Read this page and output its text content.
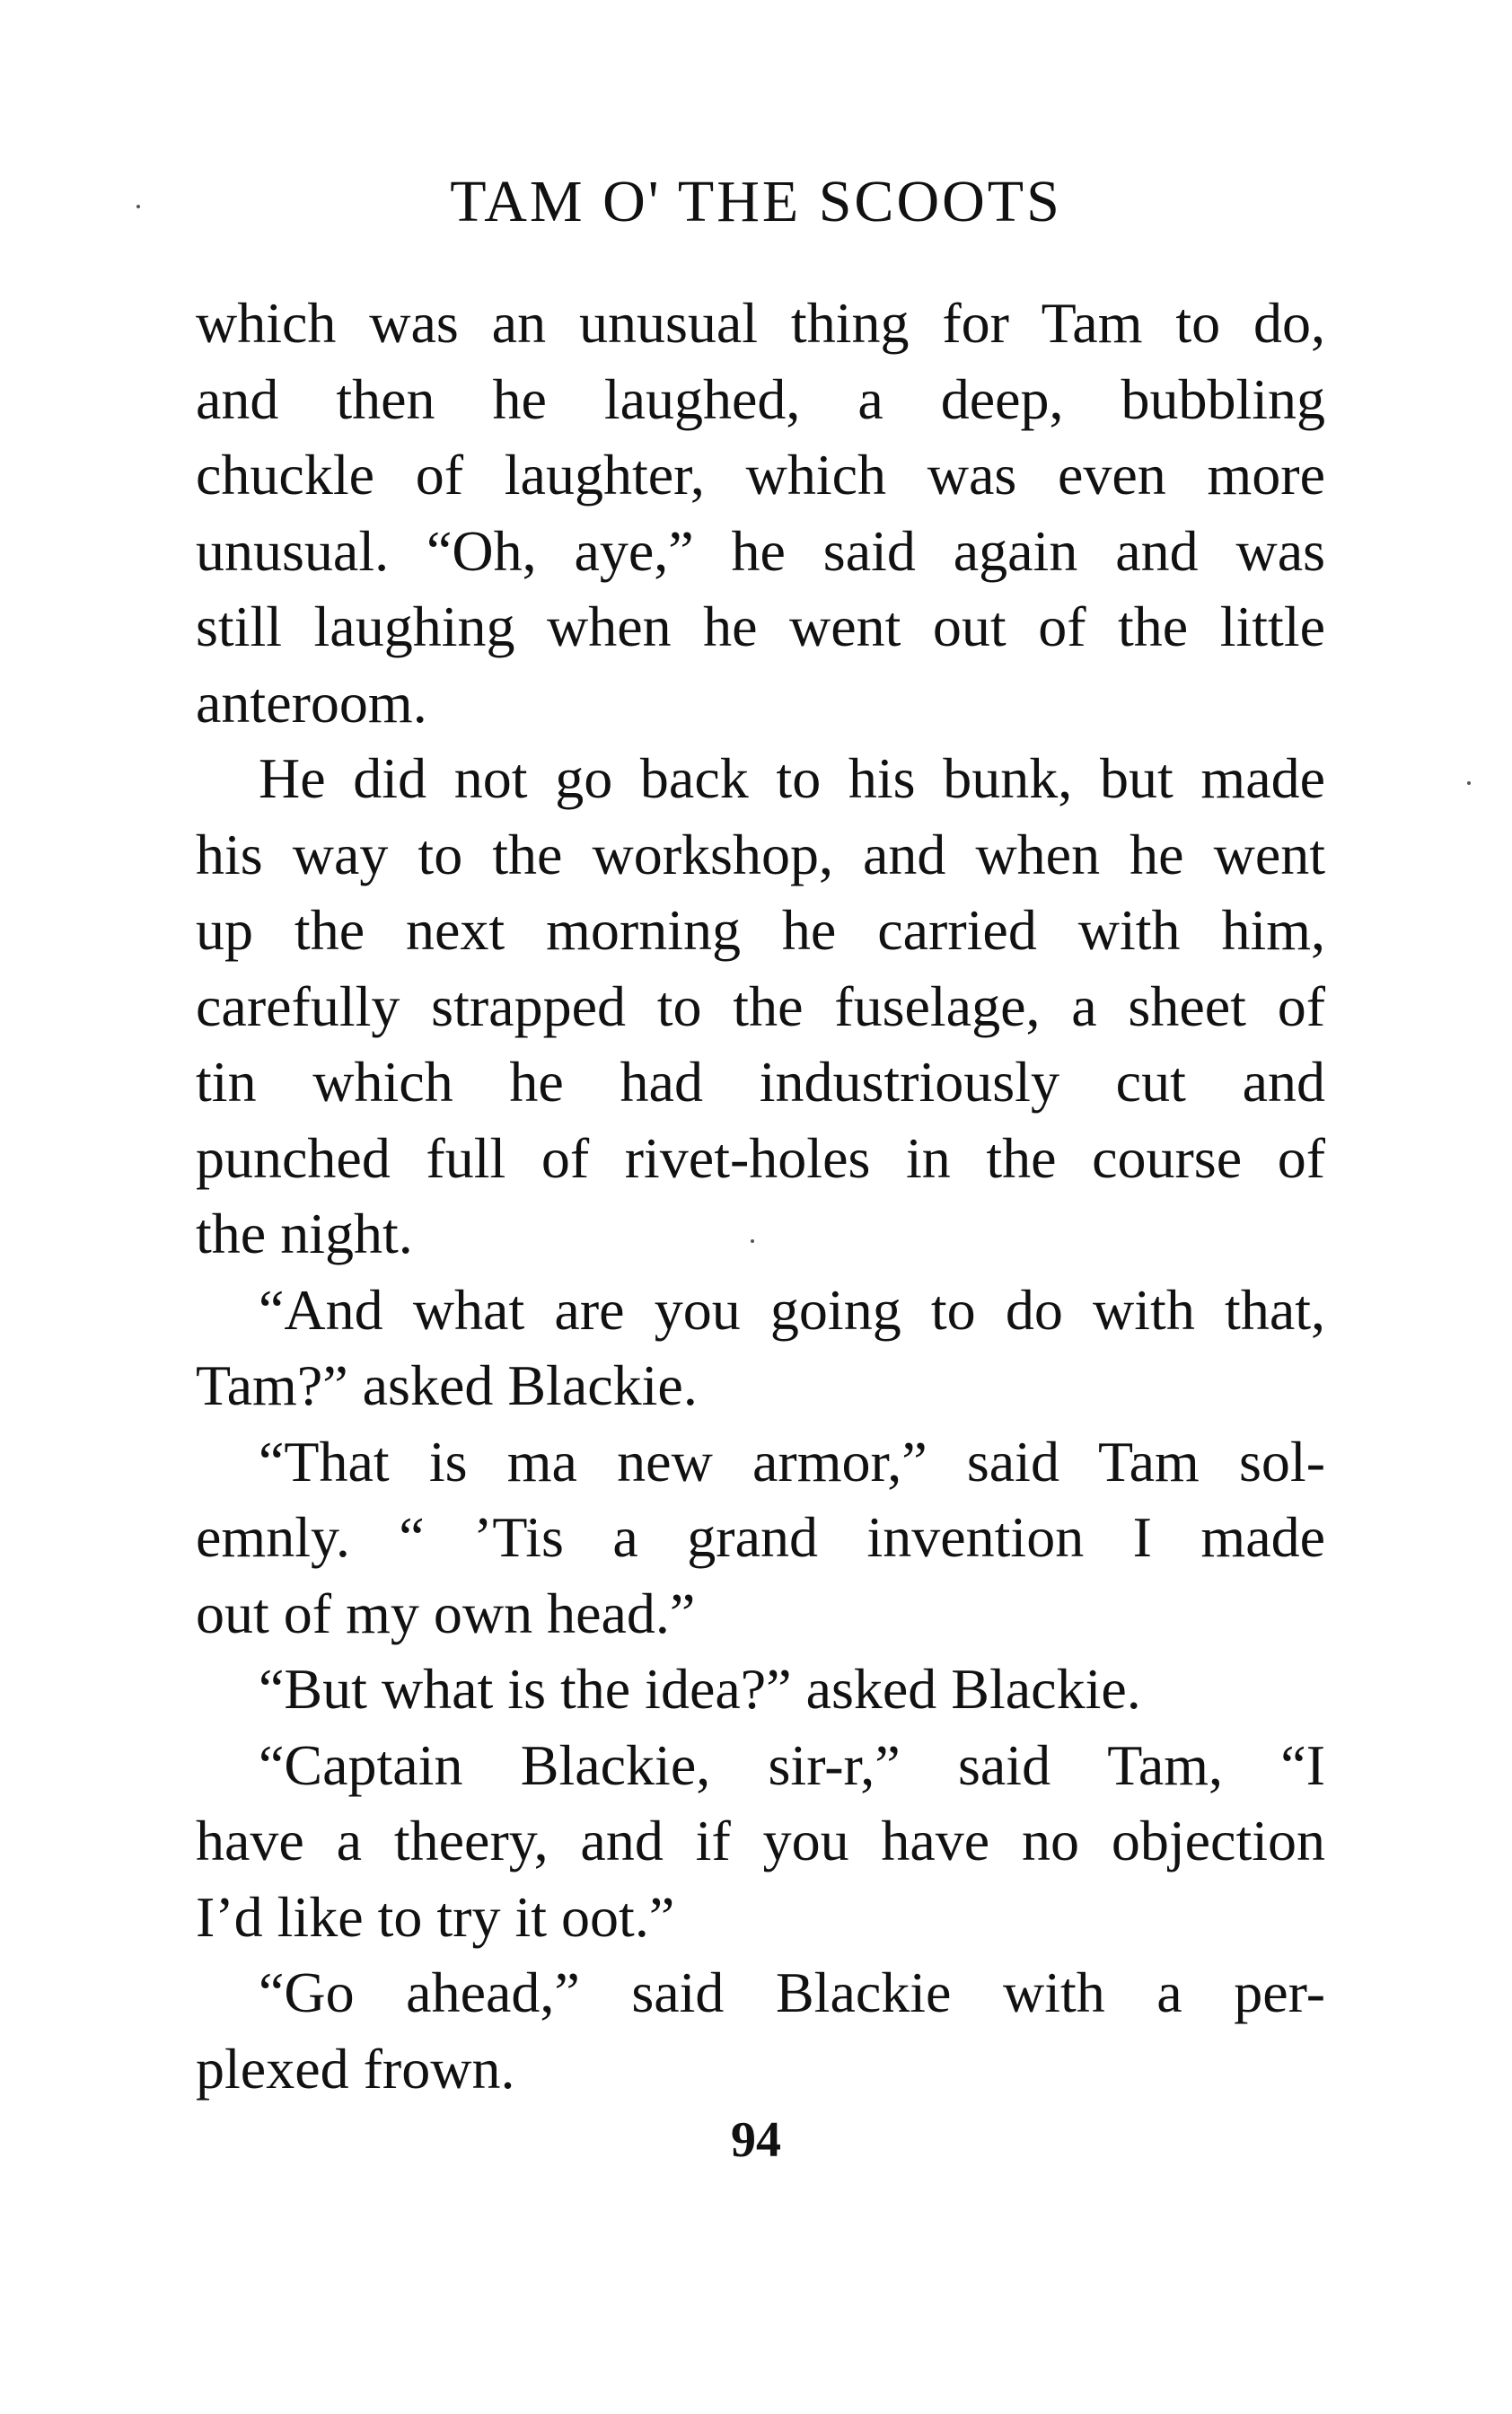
TAM O' THE SCOOTS
which was an unusual thing for Tam to do,
and then he laughed, a deep, bubbling
chuckle of laughter, which was even more
unusual. “Oh, aye,” he said again and was
still laughing when he went out of the little
anteroom.
He did not go back to his bunk, but made
his way to the workshop, and when he went
up the next morning he carried with him,
carefully strapped to the fuselage, a sheet of
tin which he had industriously cut and
punched full of rivet-holes in the course of
the night.
“And what are you going to do with that,
Tam?” asked Blackie.
“That is ma new armor,” said Tam sol-
emnly. “ ’Tis a grand invention I made
out of my own head.”
“But what is the idea?” asked Blackie.
“Captain Blackie, sir-r,” said Tam, “I
have a theery, and if you have no objection
I’d like to try it oot.”
“Go ahead,” said Blackie with a per-
plexed frown.
94
